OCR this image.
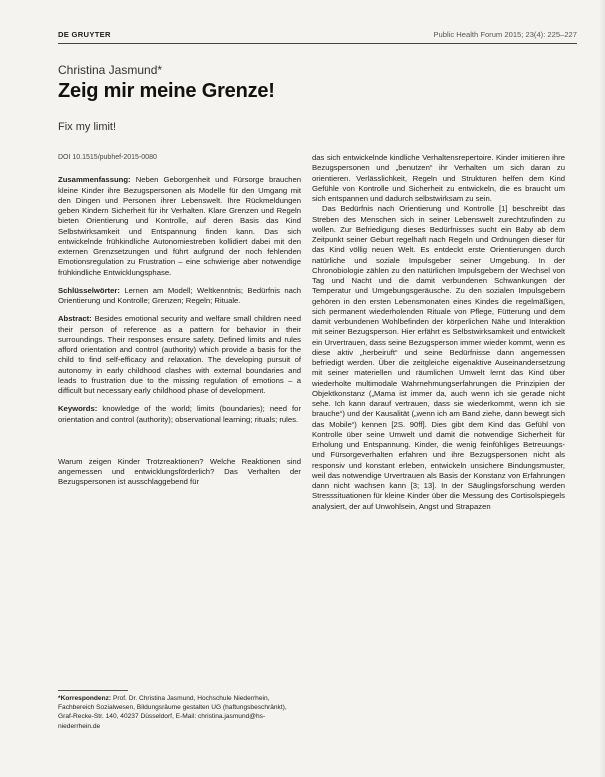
DE GRUYTER	Public Health Forum 2015; 23(4): 225–227
Christina Jasmund*
Zeig mir meine Grenze!
Fix my limit!

DOI 10.1515/pubhef-2015-0080

Zusammenfassung: Neben Geborgenheit und Fürsorge brauchen kleine Kinder ihre Bezugspersonen als Modelle für den Umgang mit den Dingen und Personen ihrer Lebenswelt. Ihre Rückmeldungen geben Kindern Sicherheit für ihr Verhalten. Klare Grenzen und Regeln bieten Orientierung und Kontrolle, auf deren Basis das Kind Selbstwirksamkeit und Entspannung finden kann. Das sich entwickelnde frühkindliche Autonomiestreben kollidiert dabei mit den externen Grenzsetzungen und führt aufgrund der noch fehlenden Emotionsregulation zu Frustration – eine schwierige aber notwendige frühkindliche Entwicklungsphase.

Schlüsselwörter: Lernen am Modell; Weltkenntnis; Bedürfnis nach Orientierung und Kontrolle; Grenzen; Regeln; Rituale.

Abstract: Besides emotional security and welfare small children need their person of reference as a pattern for behavior in their surroundings. Their responses ensure safety. Defined limits and rules afford orientation and control (authority) which provide a basis for the child to find self-efficacy and relaxation. The developing pursuit of autonomy in early childhood clashes with external boundaries and leads to frustration due to the missing regulation of emotions – a difficult but necessary early childhood phase of development.

Keywords: knowledge of the world; limits (boundaries); need for orientation and control (authority); observational learning; rituals; rules.

Warum zeigen Kinder Trotzreaktionen? Welche Reaktionen sind angemessen und entwicklungsförderlich? Das Verhalten der Bezugspersonen ist ausschlaggebend für

das sich entwickelnde kindliche Verhaltensrepertoire. Kinder imitieren ihre Bezugspersonen und „benutzen“ ihr Verhalten um sich daran zu orientieren. Verlässlichkeit, Regeln und Strukturen helfen dem Kind Gefühle von Kontrolle und Sicherheit zu entwickeln, die es braucht um sich entspannen und dadurch selbstwirksam zu sein.

Das Bedürfnis nach Orientierung und Kontrolle [1] beschreibt das Streben des Menschen sich in seiner Lebenswelt zurechtzufinden zu wollen. Zur Befriedigung dieses Bedürfnisses sucht ein Baby ab dem Zeitpunkt seiner Geburt regelhaft nach Regeln und Ordnungen dieser für das Kind völlig neuen Welt. Es entdeckt erste Orientierungen durch natürliche und soziale Impulsgeber seiner Umgebung. In der Chronobiologie zählen zu den natürlichen Impulsgebern der Wechsel von Tag und Nacht und die damit verbundenen Schwankungen der Temperatur und Umgebungsgeräusche. Zu den sozialen Impulsgebern gehören in den ersten Lebensmonaten eines Kindes die regelmäßigen, sich permanent wiederholenden Rituale von Pflege, Fütterung und dem damit verbundenen Wohlbefinden der körperlichen Nähe und Interaktion mit seiner Bezugsperson. Hier erfährt es Selbstwirksamkeit und entwickelt ein Urvertrauen, dass seine Bezugsperson immer wieder kommt, wenn es diese aktiv „herbeiruft“ und seine Bedürfnisse dann angemessen befriedigt werden. Über die zeitgleiche eigenaktive Auseinandersetzung mit seiner materiellen und räumlichen Umwelt lernt das Kind über wiederholte multimodale Wahrnehmungserfahrungen die Prinzipien der Objektkonstanz („Mama ist immer da, auch wenn ich sie gerade nicht sehe. Ich kann darauf vertrauen, dass sie wiederkommt, wenn ich sie brauche“) und der Kausalität („wenn ich am Band ziehe, dann bewegt sich das Mobile“) kennen [2S. 90ff]. Dies gibt dem Kind das Gefühl von Kontrolle über seine Umwelt und damit die notwendige Sicherheit für Erholung und Entspannung. Kinder, die wenig feinfühliges Betreuungs- und Fürsorgeverhalten erfahren und ihre Bezugspersonen nicht als responsiv und konstant erleben, entwickeln unsichere Bindungsmuster, weil das notwendige Urvertrauen als Basis der Konstanz von Erfahrungen dann nicht wachsen kann [3; 13]. In der Säuglingsforschung werden Stresssituationen für kleine Kinder über die Messung des Cortisolspiegels analysiert, der auf Unwohlsein, Angst und Strapazen

*Korrespondenz: Prof. Dr. Christina Jasmund, Hochschule Niederrhein, Fachbereich Sozialwesen, Bildungsräume gestalten UG (haftungsbeschränkt), Graf-Recke-Str. 140, 40237 Düsseldorf, E-Mail: christina.jasmund@hs-niederrhein.de
